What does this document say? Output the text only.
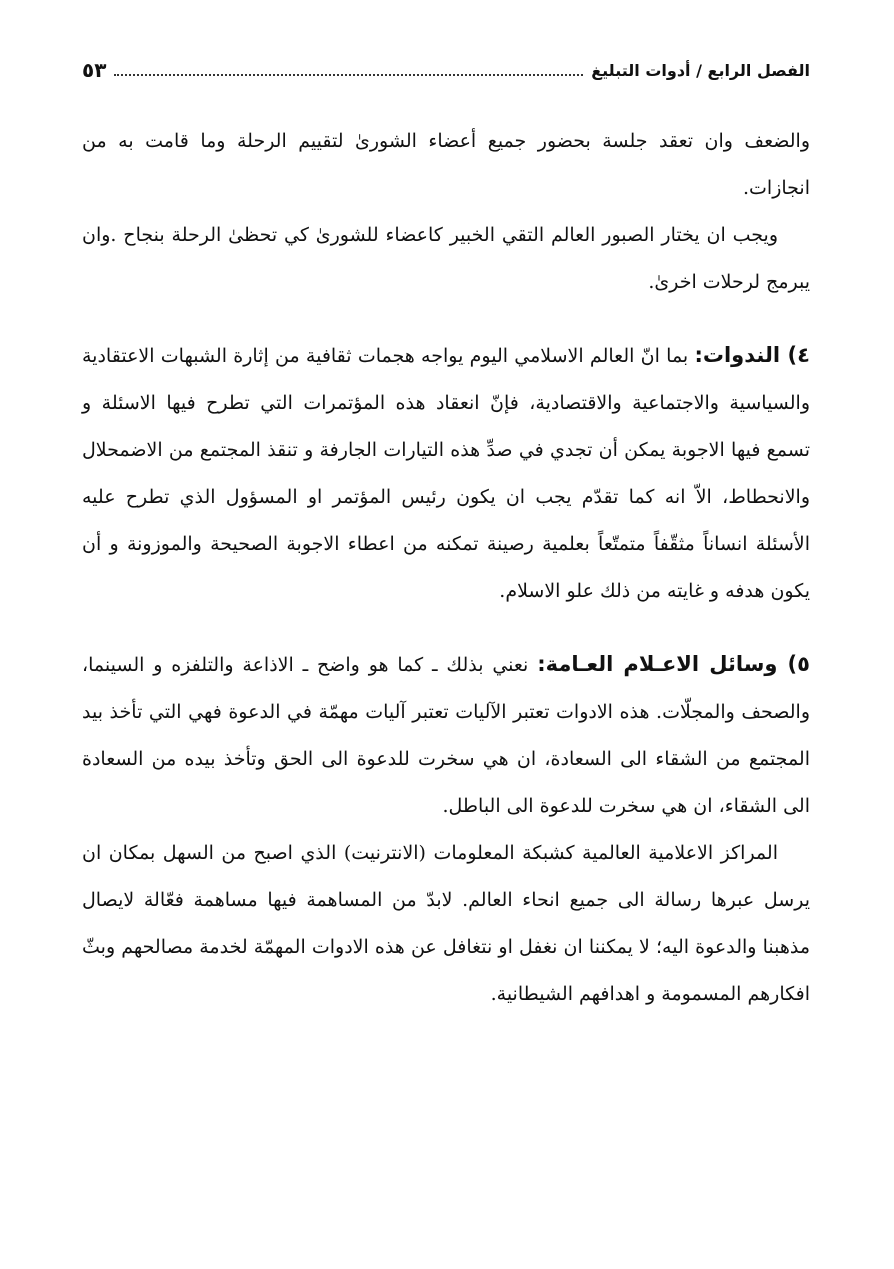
الفصل الرابع / أدوات التبليغ
٥٣

والضعف وان تعقد جلسة بحضور جميع أعضاء الشورىٰ لتقييم الرحلة وما قامت به من انجازات.

ويجب ان يختار الصبور العالم التقي الخبير كاعضاء للشورىٰ كي تحظىٰ الرحلة بنجاح .وان يبرمج لرحلات اخرىٰ.

٤) الندوات: بما انّ العالم الاسلامي اليوم يواجه هجمات ثقافية من إثارة الشبهات الاعتقادية والسياسية والاجتماعية والاقتصادية، فإنّ انعقاد هذه المؤتمرات التي تطرح فيها الاسئلة و تسمع فيها الاجوبة يمكن أن تجدي في صدِّ هذه التيارات الجارفة و تنقذ المجتمع من الاضمحلال والانحطاط، الاّ انه كما تقدّم يجب ان يكون رئيس المؤتمر او المسؤول الذي تطرح عليه الأسئلة انساناً مثقّفاً متمتّعاً بعلمية رصينة تمكنه من اعطاء الاجوبة الصحيحة والموزونة و أن يكون هدفه و غايته من ذلك علو الاسلام.

٥) وسائل الاعـلام العـامة: نعني بذلك ـ كما هو واضح ـ الاذاعة والتلفزه و السينما، والصحف والمجلّات. هذه الادوات تعتبر الآليات تعتبر آليات مهمّة في الدعوة فهي التي تأخذ بيد المجتمع من الشقاء الى السعادة، ان هي سخرت للدعوة الى الحق وتأخذ بيده من السعادة الى الشقاء، ان هي سخرت للدعوة الى الباطل.

المراكز الاعلامية العالمية كشبكة المعلومات (الانترنيت) الذي اصبح من السهل بمكان ان يرسل عبرها رسالة الى جميع انحاء العالم. لابدّ من المساهمة فيها مساهمة فعّالة لايصال مذهبنا والدعوة اليه؛ لا يمكننا ان نغفل او نتغافل عن هذه الادوات المهمّة لخدمة مصالحهم وبثّ افكارهم المسمومة و اهدافهم الشيطانية.
